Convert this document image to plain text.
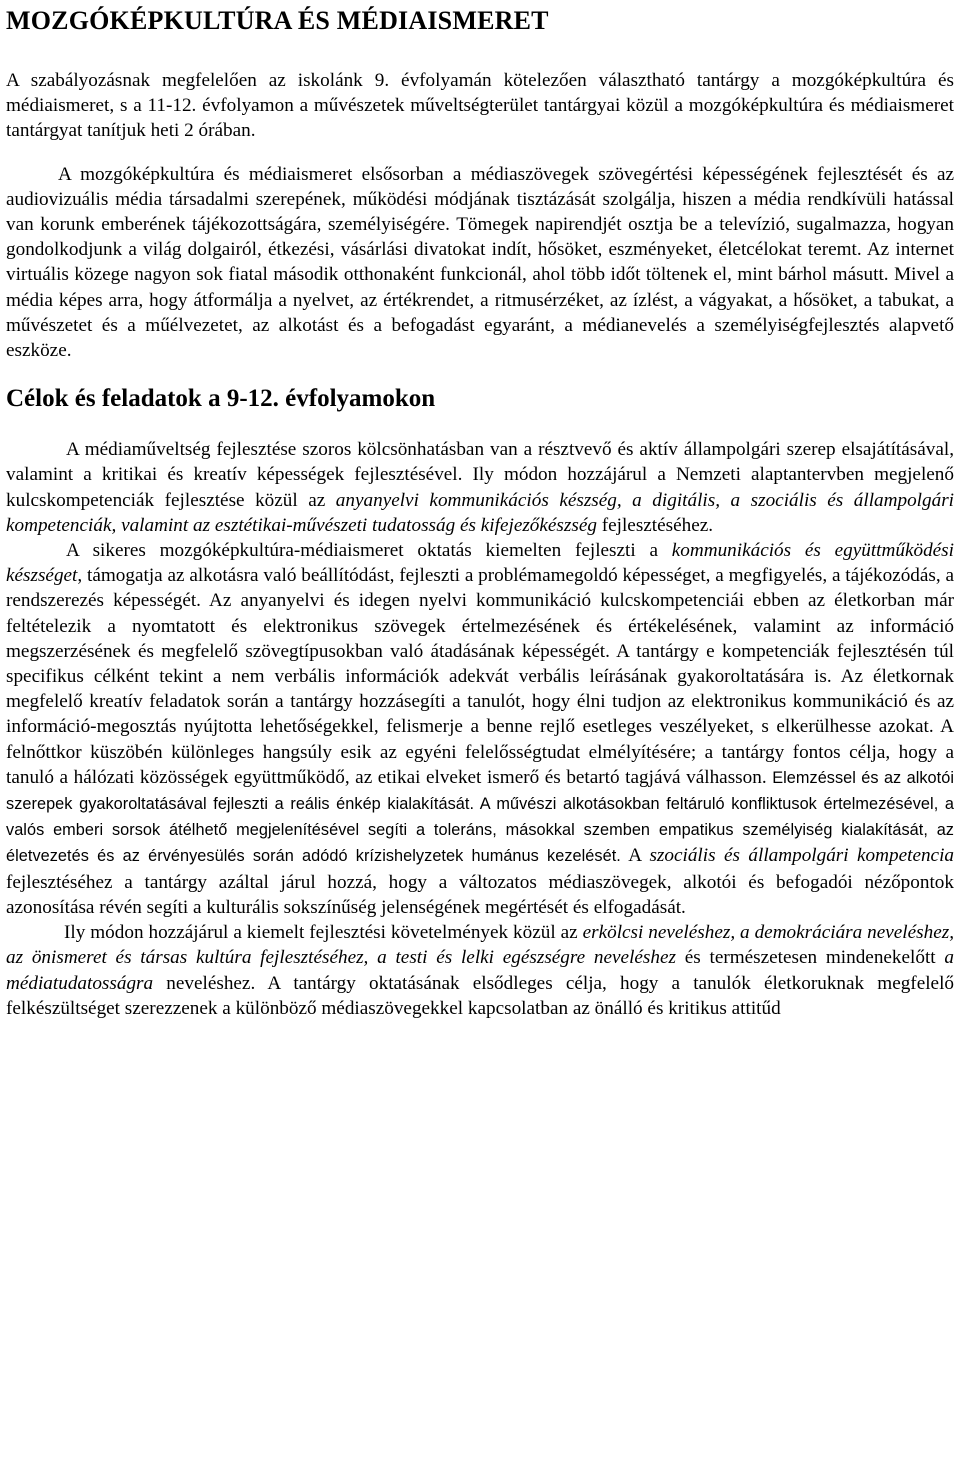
MOZGÓKÉPKULTÚRA ÉS MÉDIAISMERET

A szabályozásnak megfelelően az iskolánk 9. évfolyamán kötelezően választható tantárgy a mozgóképkultúra és médiaismeret, s a 11-12. évfolyamon a művészetek műveltségterület tantárgyai közül a mozgóképkultúra és médiaismeret tantárgyat tanítjuk heti 2 órában.

A mozgóképkultúra és médiaismeret elsősorban a médiaszövegek szövegértési képességének fejlesztését és az audiovizuális média társadalmi szerepének, működési módjának tisztázását szolgálja, hiszen a média rendkívüli hatással van korunk emberének tájékozottságára, személyiségére. Tömegek napirendjét osztja be a televízió, sugalmazza, hogyan gondolkodjunk a világ dolgairól, étkezési, vásárlási divatokat indít, hősöket, eszményeket, életcélokat teremt. Az internet virtuális közege nagyon sok fiatal második otthonaként funkcionál, ahol több időt töltenek el, mint bárhol másutt. Mivel a média képes arra, hogy átformálja a nyelvet, az értékrendet, a ritmusérzéket, az ízlést, a vágyakat, a hősöket, a tabukat, a művészetet és a műélvezetet, az alkotást és a befogadást egyaránt, a médianevelés a személyiségfejlesztés alapvető eszköze.

Célok és feladatok a 9-12. évfolyamokon

A médiaműveltség fejlesztése szoros kölcsönhatásban van a résztvevő és aktív állampolgári szerep elsajátításával, valamint a kritikai és kreatív képességek fejlesztésével. Ily módon hozzájárul a Nemzeti alaptantervben megjelenő kulcskompetenciák fejlesztése közül az anyanyelvi kommunikációs készség, a digitális, a szociális és állampolgári kompetenciák, valamint az esztétikai-művészeti tudatosság és kifejezőkészség fejlesztéséhez.

A sikeres mozgóképkultúra-médiaismeret oktatás kiemelten fejleszti a kommunikációs és együttműködési készséget, támogatja az alkotásra való beállítódást, fejleszti a problémamegoldó képességet, a megfigyelés, a tájékozódás, a rendszerezés képességét. Az anyanyelvi és idegen nyelvi kommunikáció kulcskompetenciái ebben az életkorban már feltételezik a nyomtatott és elektronikus szövegek értelmezésének és értékelésének, valamint az információ megszerzésének és megfelelő szövegtípusokban való átadásának képességét. A tantárgy e kompetenciák fejlesztésén túl specifikus célként tekint a nem verbális információk adekvát verbális leírásának gyakoroltatására is. Az életkornak megfelelő kreatív feladatok során a tantárgy hozzásegíti a tanulót, hogy élni tudjon az elektronikus kommunikáció és az információ-megosztás nyújtotta lehetőségekkel, felismerje a benne rejlő esetleges veszélyeket, s elkerülhesse azokat. A felnőttkor küszöbén különleges hangsúly esik az egyéni felelősségtudat elmélyítésére; a tantárgy fontos célja, hogy a tanuló a hálózati közösségek együttműködő, az etikai elveket ismerő és betartó tagjává válhasson. Elemzéssel és az alkotói szerepek gyakoroltatásával fejleszti a reális énkép kialakítását. A művészi alkotásokban feltáruló konfliktusok értelmezésével, a valós emberi sorsok átélhető megjelenítésével segíti a toleráns, másokkal szemben empatikus személyiség kialakítását, az életvezetés és az érvényesülés során adódó krízishelyzetek humánus kezelését. A szociális és állampolgári kompetencia fejlesztéséhez a tantárgy azáltal járul hozzá, hogy a változatos médiaszövegek, alkotói és befogadói nézőpontok azonosítása révén segíti a kulturális sokszínűség jelenségének megértését és elfogadását.

Ily módon hozzájárul a kiemelt fejlesztési követelmények közül az erkölcsi neveléshez, a demokráciára neveléshez, az önismeret és társas kultúra fejlesztéséhez, a testi és lelki egészségre neveléshez és természetesen mindenekelőtt a médiatudatosságra neveléshez. A tantárgy oktatásának elsődleges célja, hogy a tanulók életkoruknak megfelelő felkészültséget szerezzenek a különböző médiaszövegekkel kapcsolatban az önálló és kritikus attitűd
